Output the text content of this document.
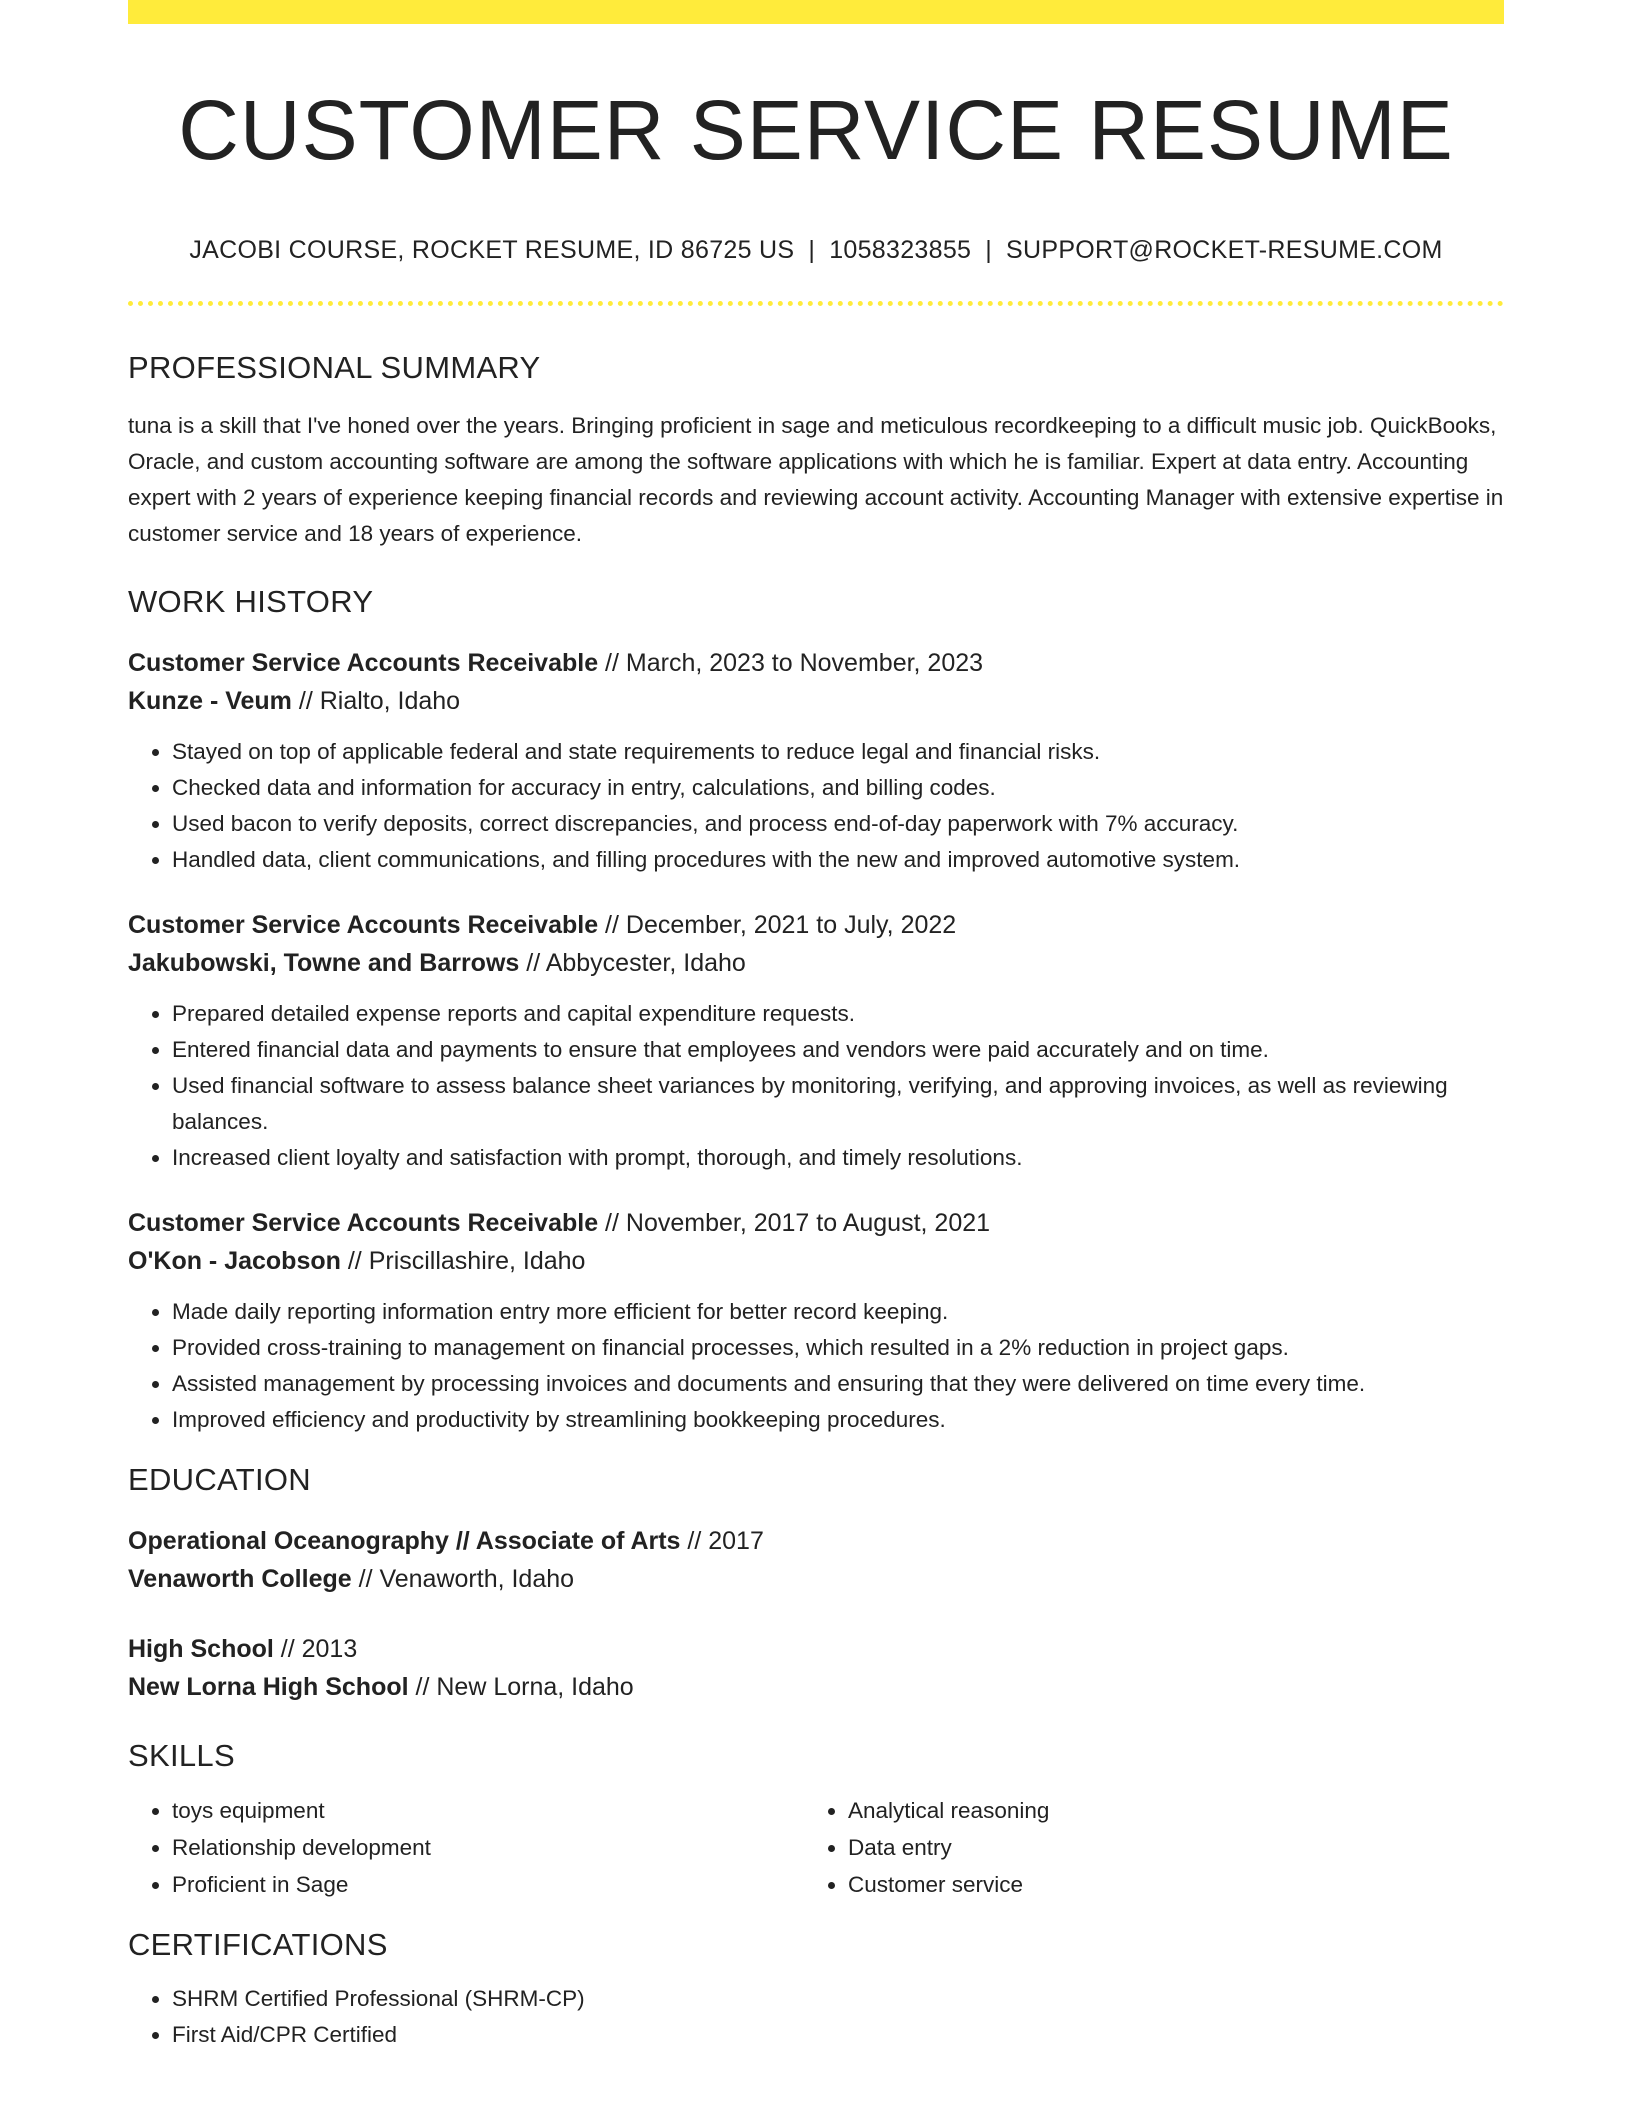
CUSTOMER SERVICE RESUME
JACOBI COURSE, ROCKET RESUME, ID 86725 US | 1058323855 | SUPPORT@ROCKET-RESUME.COM
PROFESSIONAL SUMMARY

tuna is a skill that I've honed over the years. Bringing proficient in sage and meticulous recordkeeping to a difficult music job. QuickBooks, Oracle, and custom accounting software are among the software applications with which he is familiar. Expert at data entry. Accounting expert with 2 years of experience keeping financial records and reviewing account activity. Accounting Manager with extensive expertise in customer service and 18 years of experience.

WORK HISTORY
Customer Service Accounts Receivable // March, 2023 to November, 2023
Kunze - Veum // Rialto, Idaho
• Stayed on top of applicable federal and state requirements to reduce legal and financial risks.
• Checked data and information for accuracy in entry, calculations, and billing codes.
• Used bacon to verify deposits, correct discrepancies, and process end-of-day paperwork with 7% accuracy.
• Handled data, client communications, and filling procedures with the new and improved automotive system.
Customer Service Accounts Receivable // December, 2021 to July, 2022
Jakubowski, Towne and Barrows // Abbycester, Idaho
• Prepared detailed expense reports and capital expenditure requests.
• Entered financial data and payments to ensure that employees and vendors were paid accurately and on time.
• Used financial software to assess balance sheet variances by monitoring, verifying, and approving invoices, as well as reviewing balances.
• Increased client loyalty and satisfaction with prompt, thorough, and timely resolutions.
Customer Service Accounts Receivable // November, 2017 to August, 2021
O'Kon - Jacobson // Priscillashire, Idaho
• Made daily reporting information entry more efficient for better record keeping.
• Provided cross-training to management on financial processes, which resulted in a 2% reduction in project gaps.
• Assisted management by processing invoices and documents and ensuring that they were delivered on time every time.
• Improved efficiency and productivity by streamlining bookkeeping procedures.
EDUCATION
Operational Oceanography // Associate of Arts // 2017
Venaworth College // Venaworth, Idaho
High School // 2013
New Lorna High School // New Lorna, Idaho
SKILLS
• toys equipment
• Relationship development
• Proficient in Sage
• Analytical reasoning
• Data entry
• Customer service
CERTIFICATIONS
• SHRM Certified Professional (SHRM-CP)
• First Aid/CPR Certified
